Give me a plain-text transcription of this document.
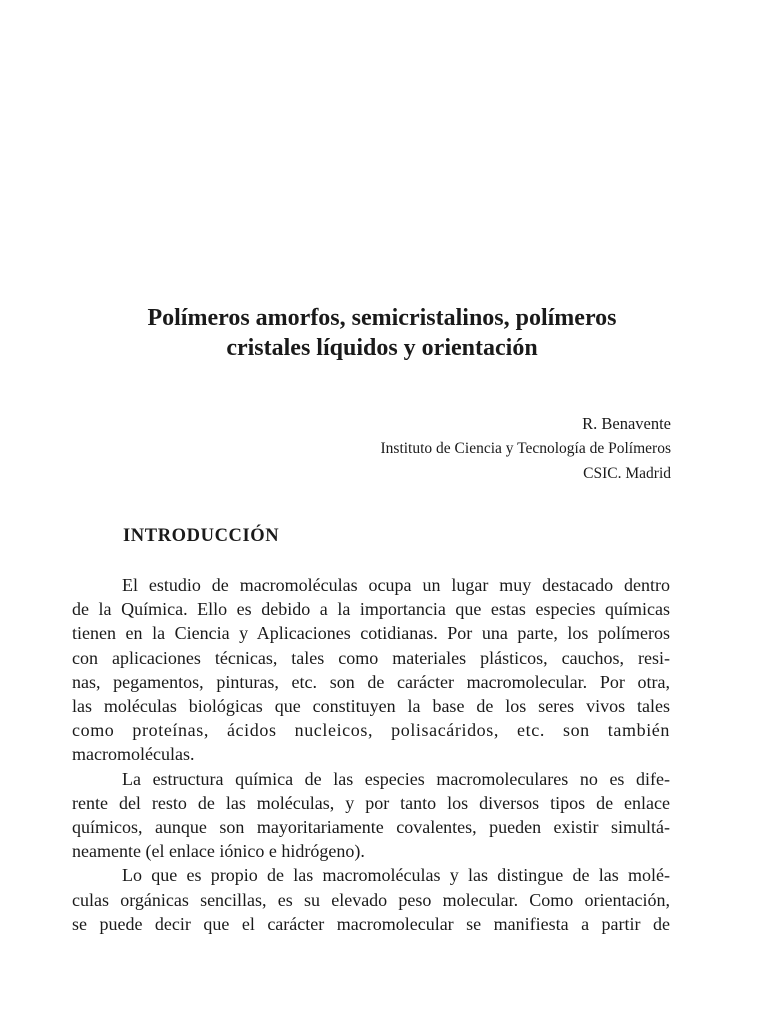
Polímeros amorfos, semicristalinos, polímeros
cristales líquidos y orientación
R. Benavente
Instituto de Ciencia y Tecnología de Polímeros
CSIC. Madrid
INTRODUCCIÓN
El estudio de macromoléculas ocupa un lugar muy destacado dentro
de la Química. Ello es debido a la importancia que estas especies químicas
tienen en la Ciencia y Aplicaciones cotidianas. Por una parte, los polímeros
con aplicaciones técnicas, tales como materiales plásticos, cauchos, resi-
nas, pegamentos, pinturas, etc. son de carácter macromolecular. Por otra,
las moléculas biológicas que constituyen la base de los seres vivos tales
como proteínas, ácidos nucleicos, polisacáridos, etc. son también
macromoléculas.
La estructura química de las especies macromoleculares no es dife-
rente del resto de las moléculas, y por tanto los diversos tipos de enlace
químicos, aunque son mayoritariamente covalentes, pueden existir simultá-
neamente (el enlace iónico e hidrógeno).
Lo que es propio de las macromoléculas y las distingue de las molé-
culas orgánicas sencillas, es su elevado peso molecular. Como orientación,
se puede decir que el carácter macromolecular se manifiesta a partir de
